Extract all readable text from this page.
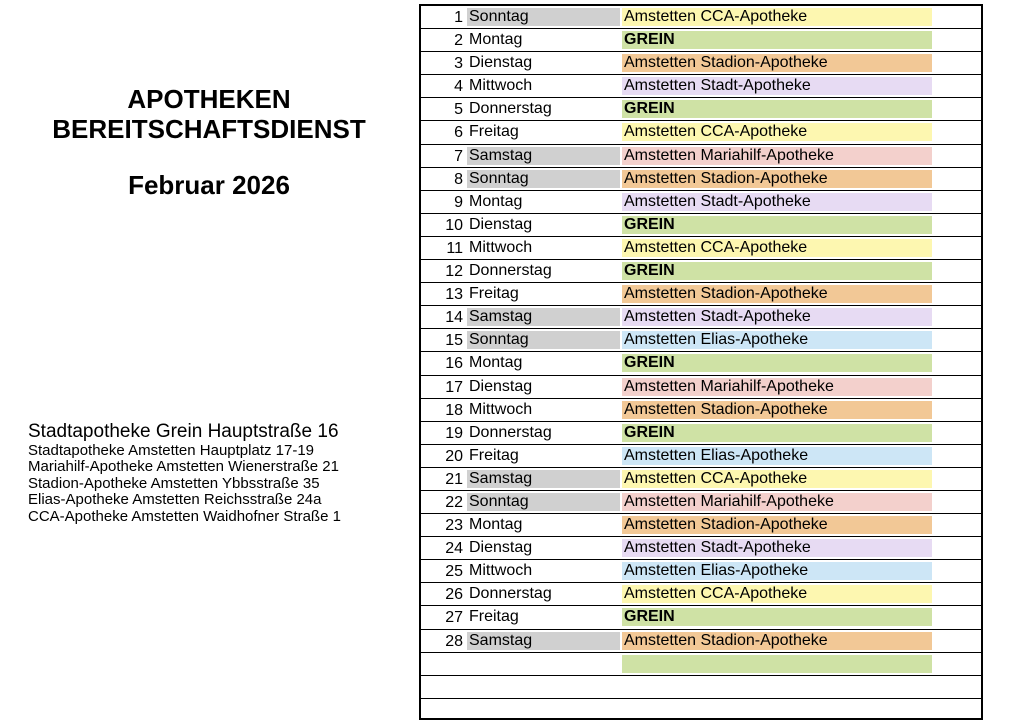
APOTHEKEN
BEREITSCHAFTSDIENST
Februar 2026
Stadtapotheke Grein Hauptstraße 16
Stadtapotheke Amstetten Hauptplatz 17-19
Mariahilf-Apotheke Amstetten Wienerstraße 21
Stadion-Apotheke Amstetten Ybbsstraße 35
Elias-Apotheke Amstetten Reichsstraße 24a
CCA-Apotheke Amstetten Waidhofner Straße 1
1 Sonntag	Amstetten CCA-Apotheke
2 Montag	GREIN
3 Dienstag	Amstetten Stadion-Apotheke
4 Mittwoch	Amstetten Stadt-Apotheke
5 Donnerstag	GREIN
6 Freitag	Amstetten CCA-Apotheke
7 Samstag	Amstetten Mariahilf-Apotheke
8 Sonntag	Amstetten Stadion-Apotheke
9 Montag	Amstetten Stadt-Apotheke
10 Dienstag	GREIN
11 Mittwoch	Amstetten CCA-Apotheke
12 Donnerstag	GREIN
13 Freitag	Amstetten Stadion-Apotheke
14 Samstag	Amstetten Stadt-Apotheke
15 Sonntag	Amstetten Elias-Apotheke
16 Montag	GREIN
17 Dienstag	Amstetten Mariahilf-Apotheke
18 Mittwoch	Amstetten Stadion-Apotheke
19 Donnerstag	GREIN
20 Freitag	Amstetten Elias-Apotheke
21 Samstag	Amstetten CCA-Apotheke
22 Sonntag	Amstetten Mariahilf-Apotheke
23 Montag	Amstetten Stadion-Apotheke
24 Dienstag	Amstetten Stadt-Apotheke
25 Mittwoch	Amstetten Elias-Apotheke
26 Donnerstag	Amstetten CCA-Apotheke
27 Freitag	GREIN
28 Samstag	Amstetten Stadion-Apotheke
